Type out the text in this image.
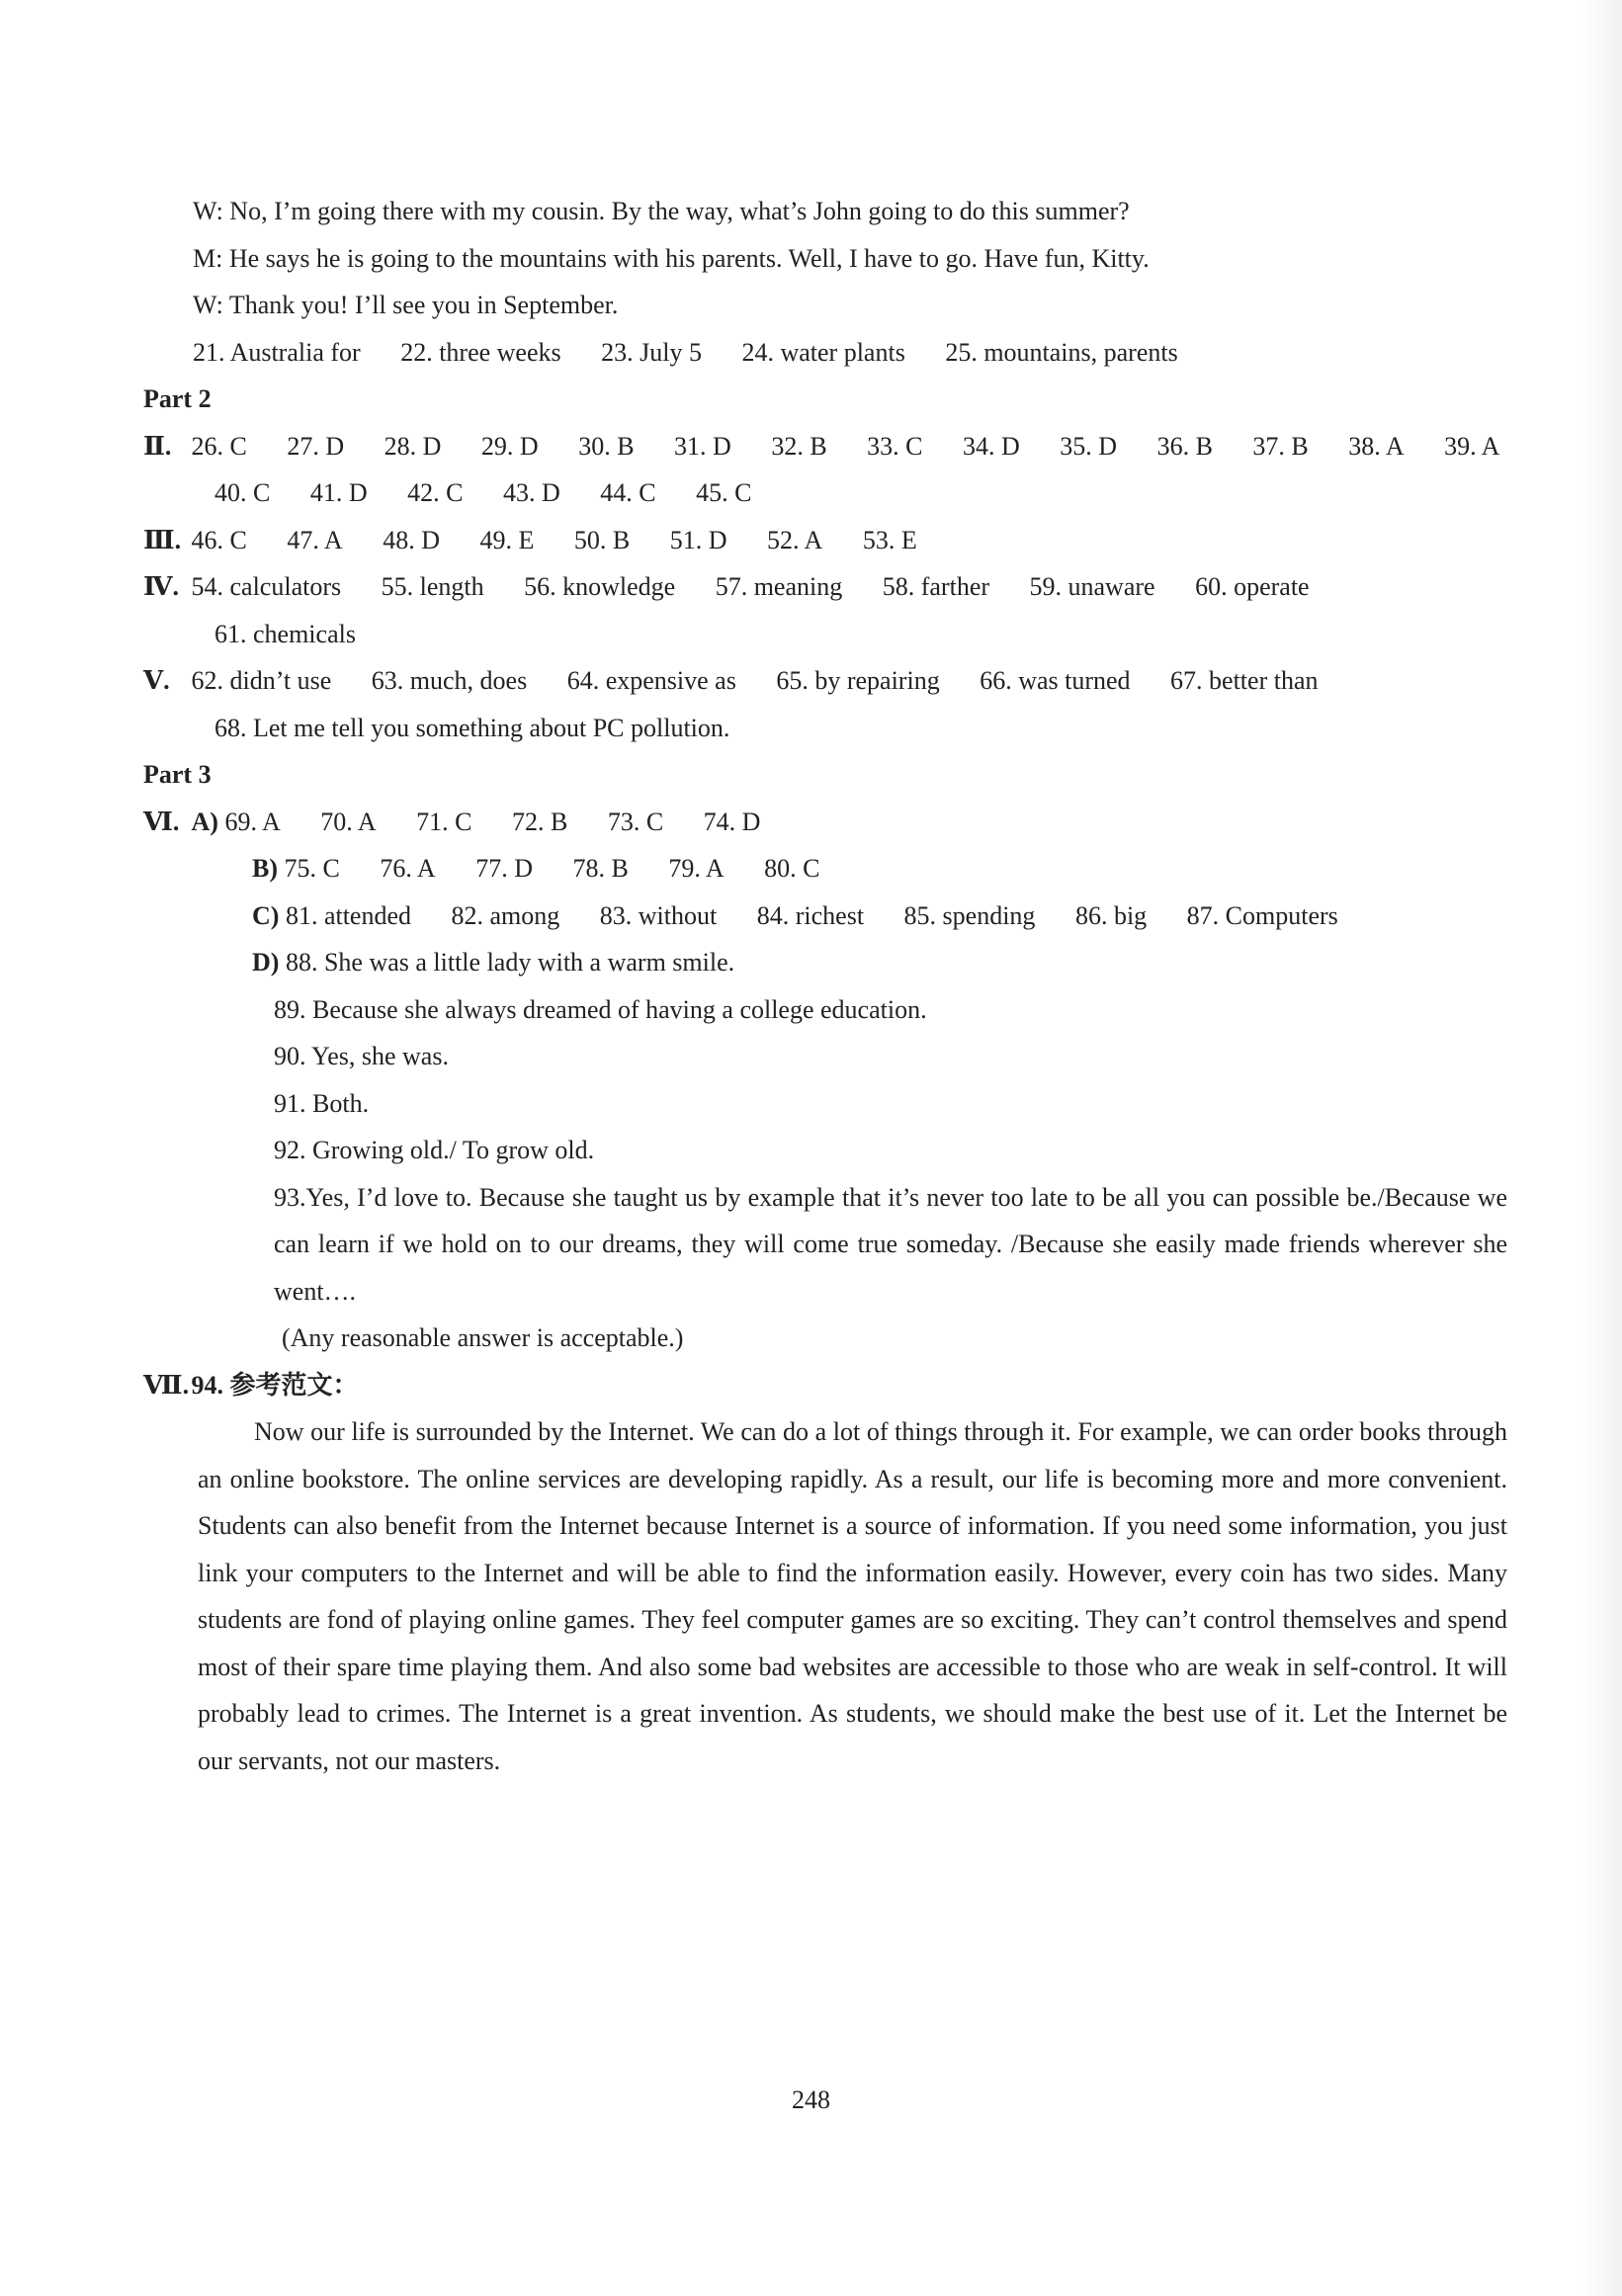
W: No, I’m going there with my cousin. By the way, what’s John going to do this summer?
M: He says he is going to the mountains with his parents. Well, I have to go. Have fun, Kitty.
W: Thank you! I’ll see you in September.
21. Australia for 22. three weeks 23. July 5 24. water plants 25. mountains, parents
Part 2
Ⅱ. 26. C 27. D 28. D 29. D 30. B 31. D 32. B 33. C 34. D 35. D 36. B 37. B 38. A 39. A
40. C 41. D 42. C 43. D 44. C 45. C
Ⅲ. 46. C 47. A 48. D 49. E 50. B 51. D 52. A 53. E
Ⅳ. 54. calculators 55. length 56. knowledge 57. meaning 58. farther 59. unaware 60. operate
61. chemicals
Ⅴ. 62. didn’t use 63. much, does 64. expensive as 65. by repairing 66. was turned 67. better than
68. Let me tell you something about PC pollution.
Part 3
Ⅵ. A) 69. A 70. A 71. C 72. B 73. C 74. D
B) 75. C 76. A 77. D 78. B 79. A 80. C
C) 81. attended 82. among 83. without 84. richest 85. spending 86. big 87. Computers
D) 88. She was a little lady with a warm smile.
89. Because she always dreamed of having a college education.
90. Yes, she was.
91. Both.
92. Growing old./ To grow old.
93.Yes, I’d love to. Because she taught us by example that it’s never too late to be all you can possible be./Because we can learn if we hold on to our dreams, they will come true someday. /Because she easily made friends wherever she went….
(Any reasonable answer is acceptable.)
Ⅶ. 94. 参考范文：
Now our life is surrounded by the Internet. We can do a lot of things through it. For example, we can order books through an online bookstore. The online services are developing rapidly. As a result, our life is becoming more and more convenient. Students can also benefit from the Internet because Internet is a source of information. If you need some information, you just link your computers to the Internet and will be able to find the information easily. However, every coin has two sides. Many students are fond of playing online games. They feel computer games are so exciting. They can’t control themselves and spend most of their spare time playing them. And also some bad websites are accessible to those who are weak in self-control. It will probably lead to crimes. The Internet is a great invention. As students, we should make the best use of it. Let the Internet be our servants, not our masters.
248
